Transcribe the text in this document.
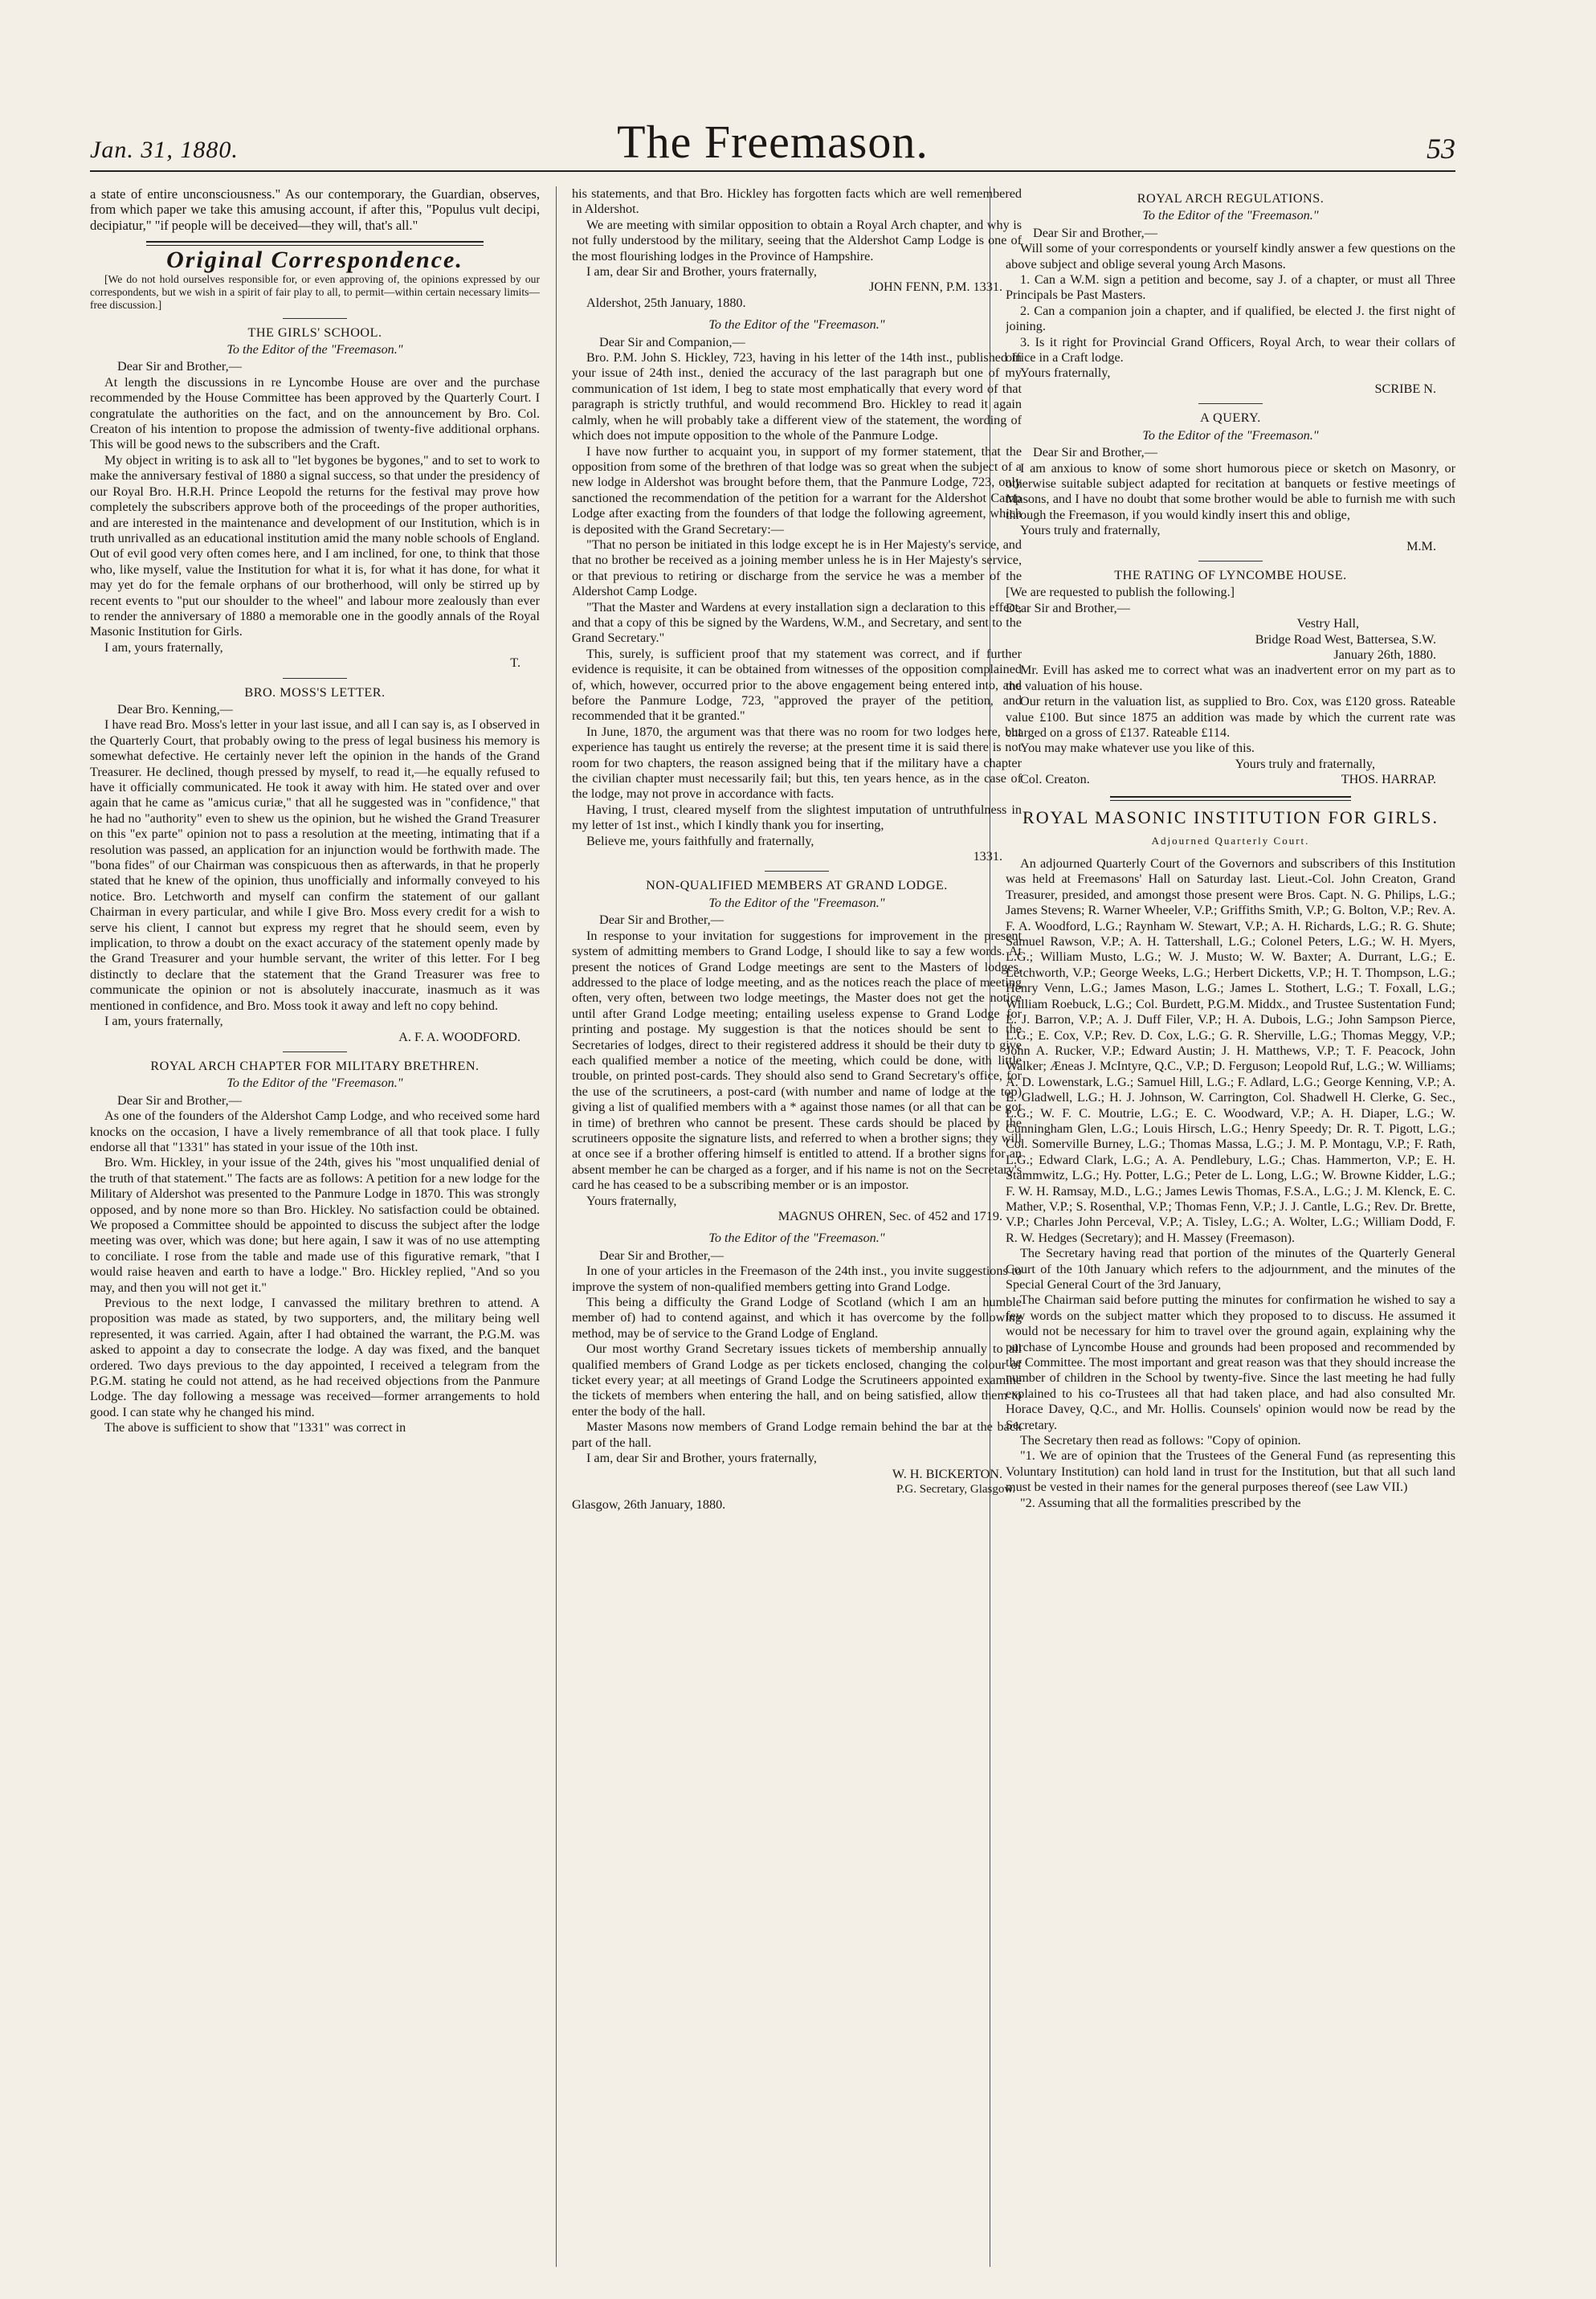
Jan. 31, 1880.	The Freemason.	53

a state of entire unconsciousness." As our contemporary, the Guardian, observes, from which paper we take this amusing account, if after this, "Populus vult decipi, decipiatur," "if people will be deceived—they will, that's all."

Original Correspondence.

[We do not hold ourselves responsible for, or even approving of, the opinions expressed by our correspondents, but we wish in a spirit of fair play to all, to permit—within certain necessary limits—free discussion.]

THE GIRLS' SCHOOL.
To the Editor of the "Freemason."

Dear Sir and Brother,—

At length the discussions in re Lyncombe House are over and the purchase recommended by the House Committee has been approved by the Quarterly Court. I congratulate the authorities on the fact, and on the announcement by Bro. Col. Creaton of his intention to propose the admission of twenty-five additional orphans. This will be good news to the subscribers and the Craft.

My object in writing is to ask all to "let bygones be bygones," and to set to work to make the anniversary festival of 1880 a signal success, so that under the presidency of our Royal Bro. H.R.H. Prince Leopold the returns for the festival may prove how completely the subscribers approve both of the proceedings of the proper authorities, and are interested in the maintenance and development of our Institution, which is in truth unrivalled as an educational institution amid the many noble schools of England. Out of evil good very often comes here, and I am inclined, for one, to think that those who, like myself, value the Institution for what it is, for what it has done, for what it may yet do for the female orphans of our brotherhood, will only be stirred up by recent events to "put our shoulder to the wheel" and labour more zealously than ever to render the anniversary of 1880 a memorable one in the goodly annals of the Royal Masonic Institution for Girls.

I am, yours fraternally,

T.

BRO. MOSS'S LETTER.

Dear Bro. Kenning,—

I have read Bro. Moss's letter in your last issue, and all I can say is, as I observed in the Quarterly Court, that probably owing to the press of legal business his memory is somewhat defective. He certainly never left the opinion in the hands of the Grand Treasurer. He declined, though pressed by myself, to read it,—he equally refused to have it officially communicated. He took it away with him. He stated over and over again that he came as "amicus curiæ," that all he suggested was in "confidence," that he had no "authority" even to shew us the opinion, but he wished the Grand Treasurer on this "ex parte" opinion not to pass a resolution at the meeting, intimating that if a resolution was passed, an application for an injunction would be forthwith made. The "bona fides" of our Chairman was conspicuous then as afterwards, in that he properly stated that he knew of the opinion, thus unofficially and informally conveyed to his notice. Bro. Letchworth and myself can confirm the statement of our gallant Chairman in every particular, and while I give Bro. Moss every credit for a wish to serve his client, I cannot but express my regret that he should seem, even by implication, to throw a doubt on the exact accuracy of the statement openly made by the Grand Treasurer and your humble servant, the writer of this letter. For I beg distinctly to declare that the statement that the Grand Treasurer was free to communicate the opinion or not is absolutely inaccurate, inasmuch as it was mentioned in confidence, and Bro. Moss took it away and left no copy behind.

I am, yours fraternally,

A. F. A. WOODFORD.

ROYAL ARCH CHAPTER FOR MILITARY BRETHREN.
To the Editor of the "Freemason."

Dear Sir and Brother,—

As one of the founders of the Aldershot Camp Lodge, and who received some hard knocks on the occasion, I have a lively remembrance of all that took place. I fully endorse all that "1331" has stated in your issue of the 10th inst.

Bro. Wm. Hickley, in your issue of the 24th, gives his "most unqualified denial of the truth of that statement." The facts are as follows: A petition for a new lodge for the Military of Aldershot was presented to the Panmure Lodge in 1870. This was strongly opposed, and by none more so than Bro. Hickley. No satisfaction could be obtained. We proposed a Committee should be appointed to discuss the subject after the lodge meeting was over, which was done; but here again, I saw it was of no use attempting to conciliate. I rose from the table and made use of this figurative remark, "that I would raise heaven and earth to have a lodge." Bro. Hickley replied, "And so you may, and then you will not get it."

Previous to the next lodge, I canvassed the military brethren to attend. A proposition was made as stated, by two supporters, and, the military being well represented, it was carried. Again, after I had obtained the warrant, the P.G.M. was asked to appoint a day to consecrate the lodge. A day was fixed, and the banquet ordered. Two days previous to the day appointed, I received a telegram from the P.G.M. stating he could not attend, as he had received objections from the Panmure Lodge. The day following a message was received—former arrangements to hold good. I can state why he changed his mind.

The above is sufficient to show that "1331" was correct in

his statements, and that Bro. Hickley has forgotten facts which are well remembered in Aldershot.

We are meeting with similar opposition to obtain a Royal Arch chapter, and why is not fully understood by the military, seeing that the Aldershot Camp Lodge is one of the most flourishing lodges in the Province of Hampshire.

I am, dear Sir and Brother, yours fraternally,

JOHN FENN, P.M. 1331.

Aldershot, 25th January, 1880.

To the Editor of the "Freemason."

Dear Sir and Companion,—

Bro. P.M. John S. Hickley, 723, having in his letter of the 14th inst., published in your issue of 24th inst., denied the accuracy of the last paragraph but one of my communication of 1st idem, I beg to state most emphatically that every word of that paragraph is strictly truthful, and would recommend Bro. Hickley to read it again calmly, when he will probably take a different view of the statement, the wording of which does not impute opposition to the whole of the Panmure Lodge.

I have now further to acquaint you, in support of my former statement, that the opposition from some of the brethren of that lodge was so great when the subject of a new lodge in Aldershot was brought before them, that the Panmure Lodge, 723, only sanctioned the recommendation of the petition for a warrant for the Aldershot Camp Lodge after exacting from the founders of that lodge the following agreement, which is deposited with the Grand Secretary:—

"That no person be initiated in this lodge except he is in Her Majesty's service, and that no brother be received as a joining member unless he is in Her Majesty's service, or that previous to retiring or discharge from the service he was a member of the Aldershot Camp Lodge.

"That the Master and Wardens at every installation sign a declaration to this effect, and that a copy of this be signed by the Wardens, W.M., and Secretary, and sent to the Grand Secretary."

This, surely, is sufficient proof that my statement was correct, and if further evidence is requisite, it can be obtained from witnesses of the opposition complained of, which, however, occurred prior to the above engagement being entered into, and before the Panmure Lodge, 723, "approved the prayer of the petition, and recommended that it be granted."

In June, 1870, the argument was that there was no room for two lodges here, but experience has taught us entirely the reverse; at the present time it is said there is not room for two chapters, the reason assigned being that if the military have a chapter the civilian chapter must necessarily fail; but this, ten years hence, as in the case of the lodge, may not prove in accordance with facts.

Having, I trust, cleared myself from the slightest imputation of untruthfulness in my letter of 1st inst., which I kindly thank you for inserting,

Believe me, yours faithfully and fraternally,

1331.

NON-QUALIFIED MEMBERS AT GRAND LODGE.
To the Editor of the "Freemason."

Dear Sir and Brother,—

In response to your invitation for suggestions for improvement in the present system of admitting members to Grand Lodge, I should like to say a few words. At present the notices of Grand Lodge meetings are sent to the Masters of lodges, addressed to the place of lodge meeting, and as the notices reach the place of meeting often, very often, between two lodge meetings, the Master does not get the notice until after Grand Lodge meeting; entailing useless expense to Grand Lodge for printing and postage. My suggestion is that the notices should be sent to the Secretaries of lodges, direct to their registered address it should be their duty to give each qualified member a notice of the meeting, which could be done, with little trouble, on printed post-cards. They should also send to Grand Secretary's office, for the use of the scrutineers, a post-card (with number and name of lodge at the top) giving a list of qualified members with a * against those names (or all that can be got in time) of brethren who cannot be present. These cards should be placed by the scrutineers opposite the signature lists, and referred to when a brother signs; they will at once see if a brother offering himself is entitled to attend. If a brother signs for an absent member he can be charged as a forger, and if his name is not on the Secretary's card he has ceased to be a subscribing member or is an impostor.

Yours fraternally,

MAGNUS OHREN, Sec. of 452 and 1719.

To the Editor of the "Freemason."

Dear Sir and Brother,—

In one of your articles in the Freemason of the 24th inst., you invite suggestions to improve the system of non-qualified members getting into Grand Lodge.

This being a difficulty the Grand Lodge of Scotland (which I am an humble member of) had to contend against, and which it has overcome by the following method, may be of service to the Grand Lodge of England.

Our most worthy Grand Secretary issues tickets of membership annually to all qualified members of Grand Lodge as per tickets enclosed, changing the colour of ticket every year; at all meetings of Grand Lodge the Scrutineers appointed examine the tickets of members when entering the hall, and on being satisfied, allow them to enter the body of the hall.

Master Masons now members of Grand Lodge remain behind the bar at the back part of the hall.

I am, dear Sir and Brother, yours fraternally,

W. H. BICKERTON.

P.G. Secretary, Glasgow.

Glasgow, 26th January, 1880.

ROYAL ARCH REGULATIONS.
To the Editor of the "Freemason."

Dear Sir and Brother,—

Will some of your correspondents or yourself kindly answer a few questions on the above subject and oblige several young Arch Masons.

1. Can a W.M. sign a petition and become, say J. of a chapter, or must all Three Principals be Past Masters.

2. Can a companion join a chapter, and if qualified, be elected J. the first night of joining.

3. Is it right for Provincial Grand Officers, Royal Arch, to wear their collars of office in a Craft lodge.

Yours fraternally,

SCRIBE N.

A QUERY.
To the Editor of the "Freemason."

Dear Sir and Brother,—

I am anxious to know of some short humorous piece or sketch on Masonry, or otherwise suitable subject adapted for recitation at banquets or festive meetings of Masons, and I have no doubt that some brother would be able to furnish me with such through the Freemason, if you would kindly insert this and oblige,

Yours truly and fraternally,

M.M.

THE RATING OF LYNCOMBE HOUSE.

[We are requested to publish the following.]

Dear Sir and Brother,—

Vestry Hall,

Bridge Road West, Battersea, S.W.

January 26th, 1880.

Mr. Evill has asked me to correct what was an inadvertent error on my part as to the valuation of his house.

Our return in the valuation list, as supplied to Bro. Cox, was £120 gross. Rateable value £100. But since 1875 an addition was made by which the current rate was charged on a gross of £137. Rateable £114.

You may make whatever use you like of this.

Yours truly and fraternally,

Col. Creaton.	THOS. HARRAP.
ROYAL MASONIC INSTITUTION FOR GIRLS.
Adjourned Quarterly Court.

An adjourned Quarterly Court of the Governors and subscribers of this Institution was held at Freemasons' Hall on Saturday last. Lieut.-Col. John Creaton, Grand Treasurer, presided, and amongst those present were Bros. Capt. N. G. Philips, L.G.; James Stevens; R. Warner Wheeler, V.P.; Griffiths Smith, V.P.; G. Bolton, V.P.; Rev. A. F. A. Woodford, L.G.; Raynham W. Stewart, V.P.; A. H. Richards, L.G.; R. G. Shute; Samuel Rawson, V.P.; A. H. Tattershall, L.G.; Colonel Peters, L.G.; W. H. Myers, L.G.; William Musto, L.G.; W. J. Musto; W. W. Baxter; A. Durrant, L.G.; E. Letchworth, V.P.; George Weeks, L.G.; Herbert Dicketts, V.P.; H. T. Thompson, L.G.; Henry Venn, L.G.; James Mason, L.G.; James L. Stothert, L.G.; T. Foxall, L.G.; William Roebuck, L.G.; Col. Burdett, P.G.M. Middx., and Trustee Sustentation Fund; E. J. Barron, V.P.; A. J. Duff Filer, V.P.; H. A. Dubois, L.G.; John Sampson Pierce, L.G.; E. Cox, V.P.; Rev. D. Cox, L.G.; G. R. Sherville, L.G.; Thomas Meggy, V.P.; John A. Rucker, V.P.; Edward Austin; J. H. Matthews, V.P.; T. F. Peacock, John Walker; Æneas J. McIntyre, Q.C., V.P.; D. Ferguson; Leopold Ruf, L.G.; W. Williams; A. D. Lowenstark, L.G.; Samuel Hill, L.G.; F. Adlard, L.G.; George Kenning, V.P.; A. E. Gladwell, L.G.; H. J. Johnson, W. Carrington, Col. Shadwell H. Clerke, G. Sec., L.G.; W. F. C. Moutrie, L.G.; E. C. Woodward, V.P.; A. H. Diaper, L.G.; W. Cunningham Glen, L.G.; Louis Hirsch, L.G.; Henry Speedy; Dr. R. T. Pigott, L.G.; Col. Somerville Burney, L.G.; Thomas Massa, L.G.; J. M. P. Montagu, V.P.; F. Rath, L.G.; Edward Clark, L.G.; A. A. Pendlebury, L.G.; Chas. Hammerton, V.P.; E. H. Stammwitz, L.G.; Hy. Potter, L.G.; Peter de L. Long, L.G.; W. Browne Kidder, L.G.; F. W. H. Ramsay, M.D., L.G.; James Lewis Thomas, F.S.A., L.G.; J. M. Klenck, E. C. Mather, V.P.; S. Rosenthal, V.P.; Thomas Fenn, V.P.; J. J. Cantle, L.G.; Rev. Dr. Brette, V.P.; Charles John Perceval, V.P.; A. Tisley, L.G.; A. Wolter, L.G.; William Dodd, F. R. W. Hedges (Secretary); and H. Massey (Freemason).

The Secretary having read that portion of the minutes of the Quarterly General Court of the 10th January which refers to the adjournment, and the minutes of the Special General Court of the 3rd January,

The Chairman said before putting the minutes for confirmation he wished to say a few words on the subject matter which they proposed to to discuss. He assumed it would not be necessary for him to travel over the ground again, explaining why the purchase of Lyncombe House and grounds had been proposed and recommended by the Committee. The most important and great reason was that they should increase the number of children in the School by twenty-five. Since the last meeting he had fully explained to his co-Trustees all that had taken place, and had also consulted Mr. Horace Davey, Q.C., and Mr. Hollis. Counsels' opinion would now be read by the Secretary.

The Secretary then read as follows: "Copy of opinion.

"1. We are of opinion that the Trustees of the General Fund (as representing this Voluntary Institution) can hold land in trust for the Institution, but that all such land must be vested in their names for the general purposes thereof (see Law VII.)

"2. Assuming that all the formalities prescribed by the
